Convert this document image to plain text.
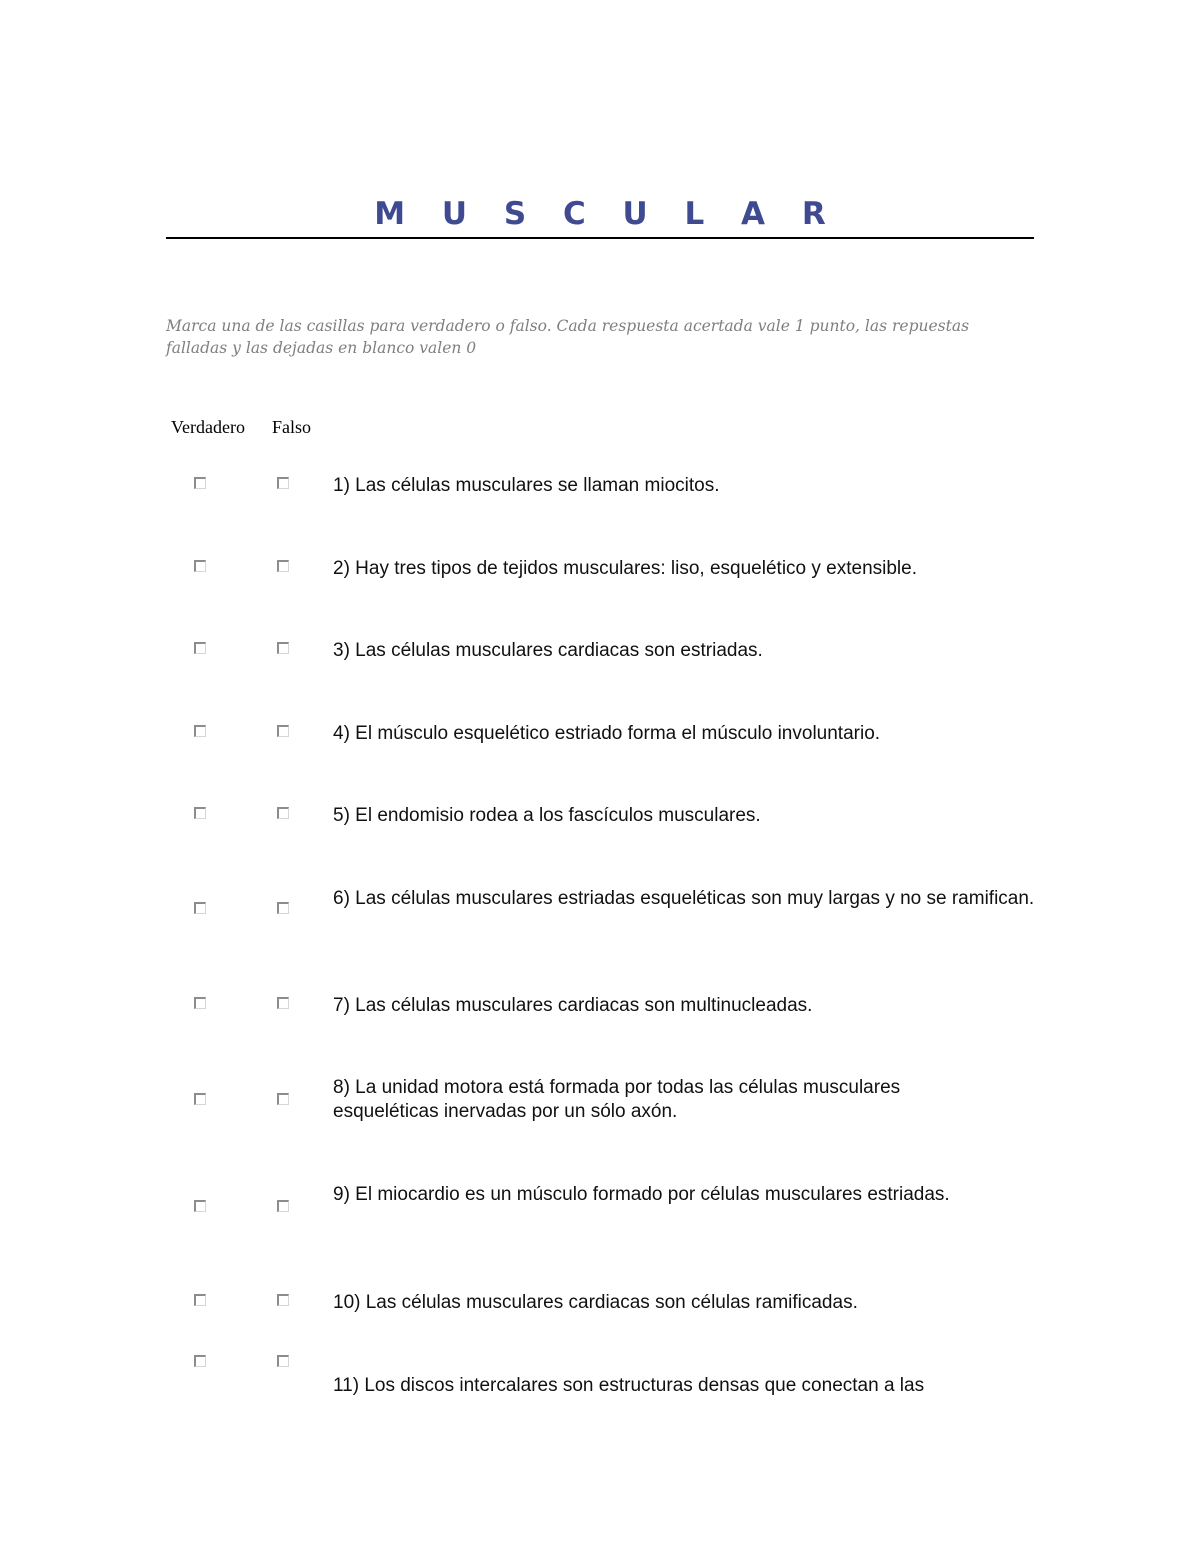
M U S C U L A R
Marca una de las casillas para verdadero o falso. Cada respuesta acertada vale 1 punto, las repuestas falladas y las dejadas en blanco valen 0
Verdadero Falso
1) Las células musculares se llaman miocitos.
2) Hay tres tipos de tejidos musculares: liso, esquelético y extensible.
3) Las células musculares cardiacas son estriadas.
4) El músculo esquelético estriado forma el músculo involuntario.
5) El endomisio rodea a los fascículos musculares.
6) Las células musculares estriadas esqueléticas son muy largas y no se ramifican.
7) Las células musculares cardiacas son multinucleadas.
8) La unidad motora está formada por todas las células musculares esqueléticas inervadas por un sólo axón.
9) El miocardio es un músculo formado por células musculares estriadas.
10) Las células musculares cardiacas son células ramificadas.
11) Los discos intercalares son estructuras densas que conectan a las
